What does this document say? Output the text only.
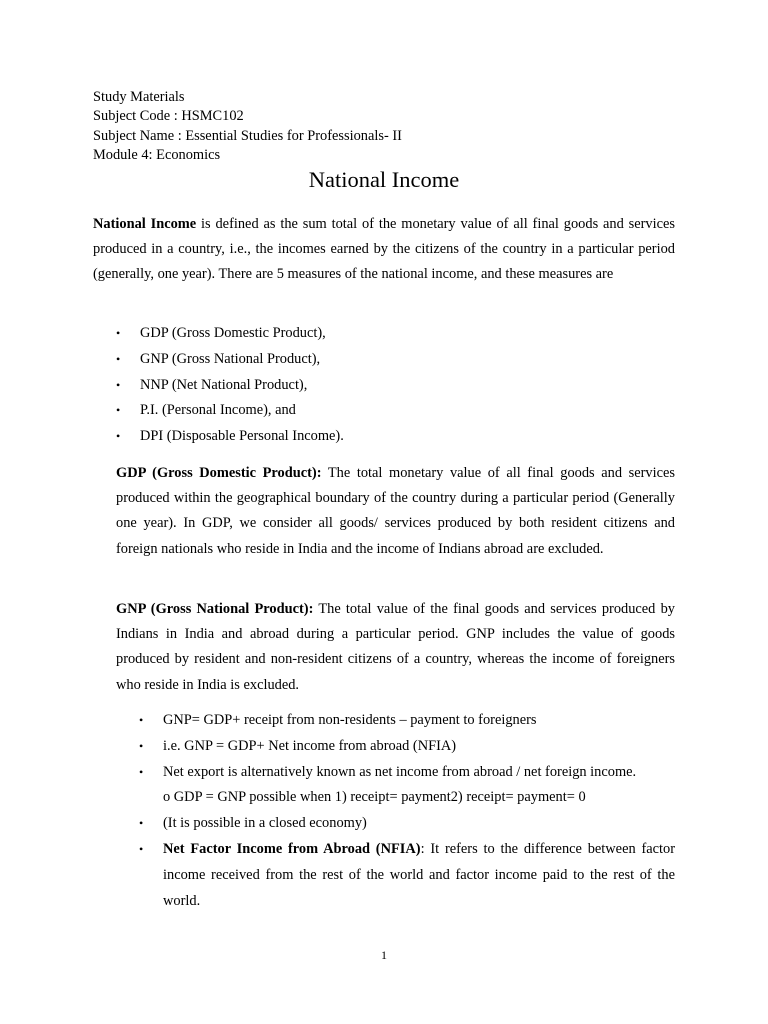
Study Materials
Subject Code : HSMC102
Subject Name : Essential Studies for Professionals- II
Module 4: Economics
National Income

National Income is defined as the sum total of the monetary value of all final goods and services produced in a country, i.e., the incomes earned by the citizens of the country in a particular period (generally, one year). There are 5 measures of the national income, and these measures are

• GDP (Gross Domestic Product),
• GNP (Gross National Product),
• NNP (Net National Product),
• P.I. (Personal Income), and
• DPI (Disposable Personal Income).

GDP (Gross Domestic Product): The total monetary value of all final goods and services produced within the geographical boundary of the country during a particular period (Generally one year). In GDP, we consider all goods/ services produced by both resident citizens and foreign nationals who reside in India and the income of Indians abroad are excluded.

GNP (Gross National Product): The total value of the final goods and services produced by Indians in India and abroad during a particular period. GNP includes the value of goods produced by resident and non-resident citizens of a country, whereas the income of foreigners who reside in India is excluded.

• GNP= GDP+ receipt from non-residents – payment to foreigners
• i.e. GNP = GDP+ Net income from abroad (NFIA)
• Net export is alternatively known as net income from abroad / net foreign income.
o GDP = GNP possible when 1) receipt= payment2) receipt= payment= 0
• (It is possible in a closed economy)
• Net Factor Income from Abroad (NFIA): It refers to the difference between factor income received from the rest of the world and factor income paid to the rest of the world.
1
